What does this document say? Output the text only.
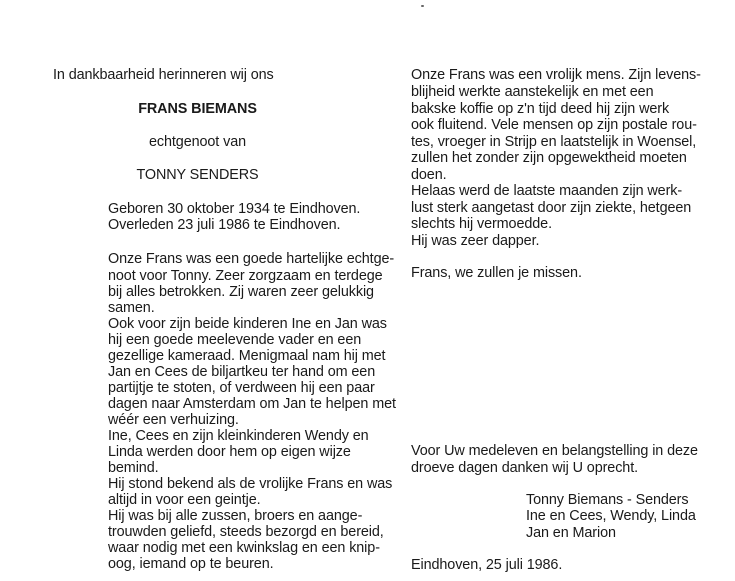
In dankbaarheid herinneren wij ons
FRANS BIEMANS
echtgenoot van
TONNY SENDERS
Geboren 30 oktober 1934 te Eindhoven.
Overleden 23 juli 1986 te Eindhoven.
Onze Frans was een goede hartelijke echtge-
noot voor Tonny. Zeer zorgzaam en terdege
bij alles betrokken. Zij waren zeer gelukkig
samen.
Ook voor zijn beide kinderen Ine en Jan was
hij een goede meelevende vader en een
gezellige kameraad. Menigmaal nam hij met
Jan en Cees de biljartkeu ter hand om een
partijtje te stoten, of verdween hij een paar
dagen naar Amsterdam om Jan te helpen met
wéér een verhuizing.
Ine, Cees en zijn kleinkinderen Wendy en
Linda werden door hem op eigen wijze
bemind.
Hij stond bekend als de vrolijke Frans en was
altijd in voor een geintje.
Hij was bij alle zussen, broers en aange-
trouwden geliefd, steeds bezorgd en bereid,
waar nodig met een kwinkslag en een knip-
oog, iemand op te beuren.
Onze Frans was een vrolijk mens. Zijn levens-
blijheid werkte aanstekelijk en met een
bakske koffie op z'n tijd deed hij zijn werk
ook fluitend. Vele mensen op zijn postale rou-
tes, vroeger in Strijp en laatstelijk in Woensel,
zullen het zonder zijn opgewektheid moeten
doen.
Helaas werd de laatste maanden zijn werk-
lust sterk aangetast door zijn ziekte, hetgeen
slechts hij vermoedde.
Hij was zeer dapper.
Frans, we zullen je missen.
Voor Uw medeleven en belangstelling in deze
droeve dagen danken wij U oprecht.
Tonny Biemans - Senders
Ine en Cees, Wendy, Linda
Jan en Marion
Eindhoven, 25 juli 1986.
